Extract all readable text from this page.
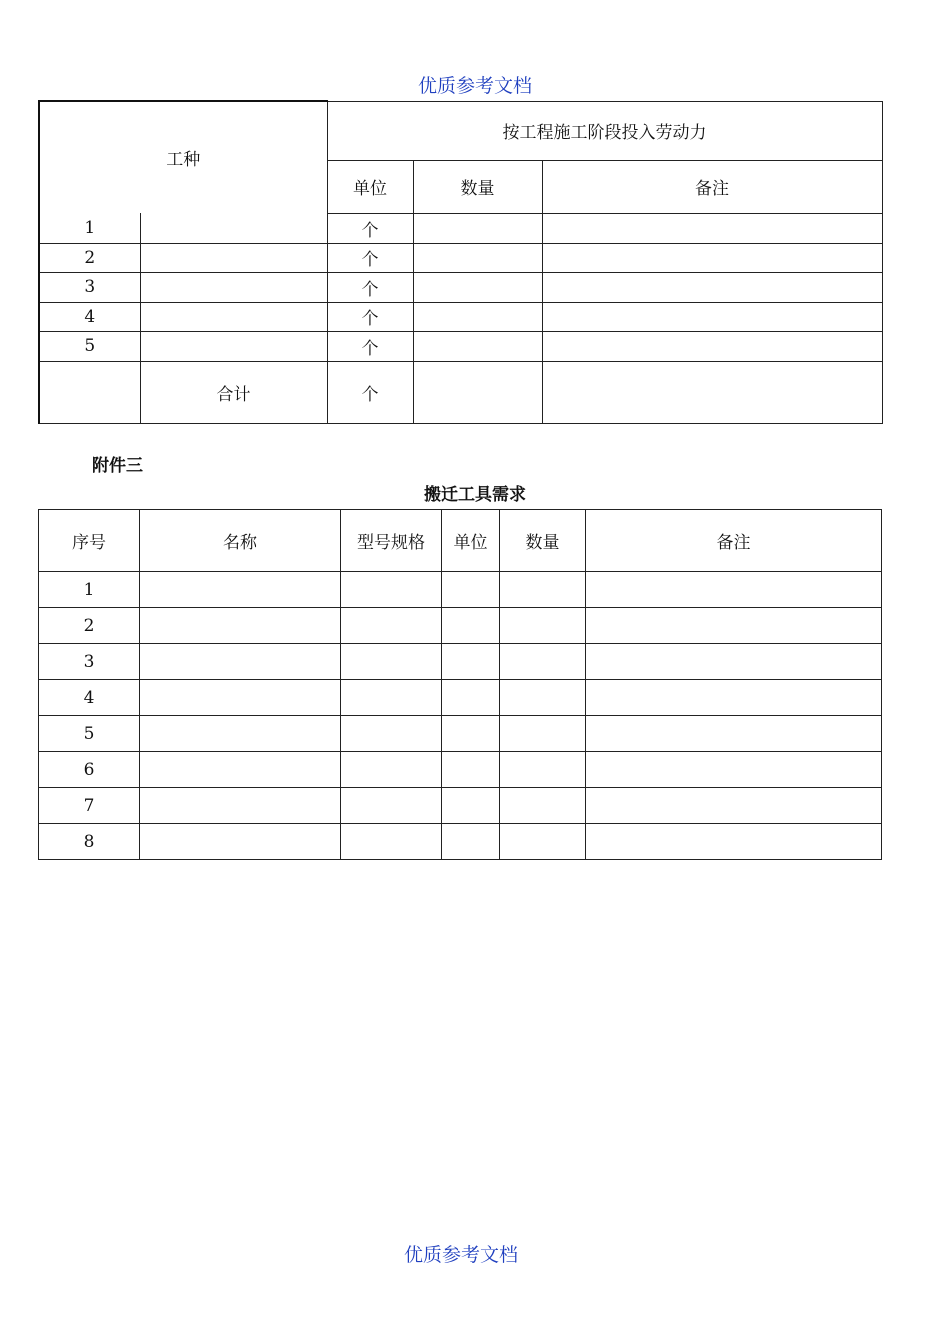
优质参考文档
工种		按工程施工阶段投入劳动力		
		单位	数量	备注
1		个		
2		个		
3		个		
4		个		
5		个		
	合计	个		
附件三
搬迁工具需求
序号	名称	型号规格	单位	数量	备注
1					
2					
3					
4					
5					
6					
7					
8					
优质参考文档
